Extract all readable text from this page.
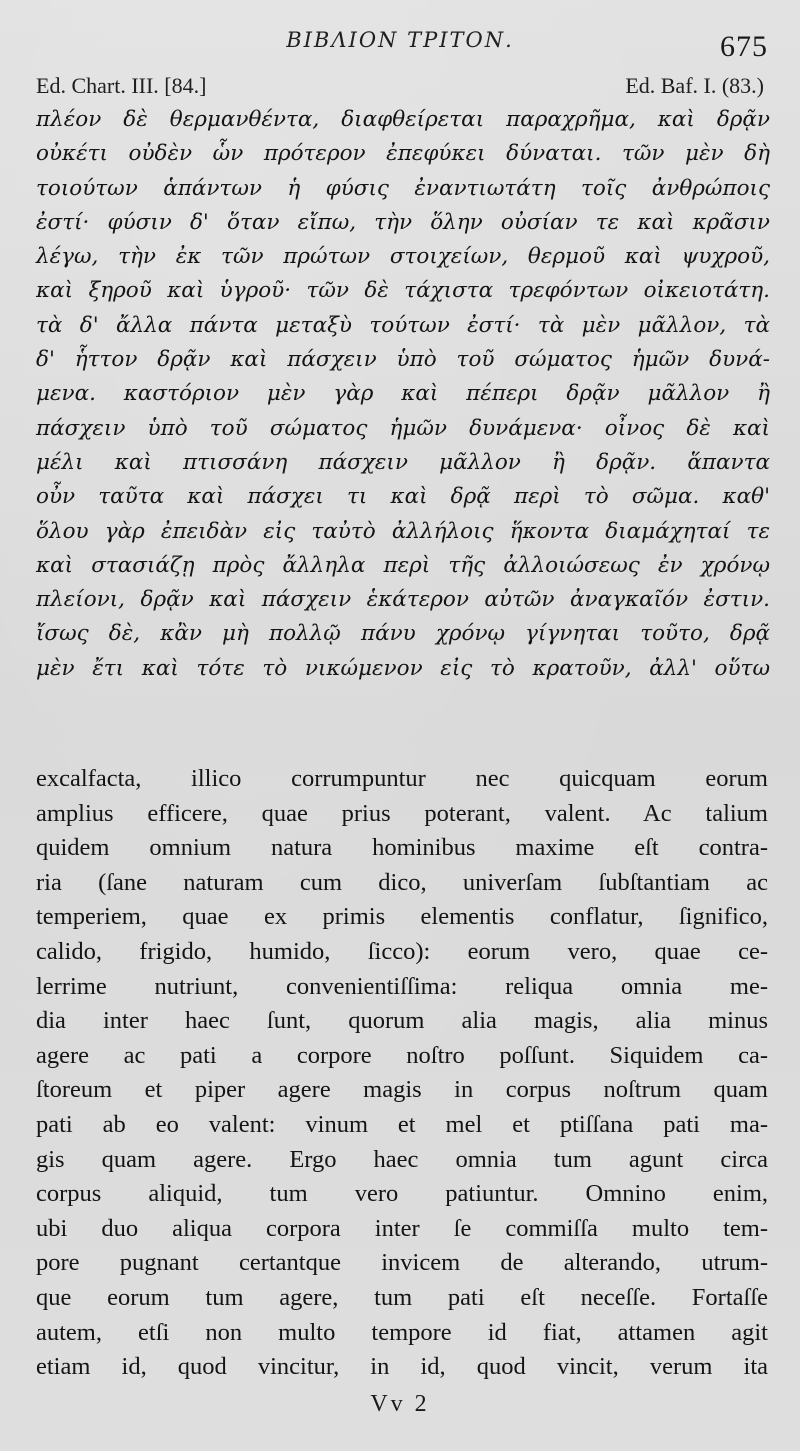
BIBΛΙΟΝ ΤΡΙΤΟΝ.	675
Ed. Chart. III. [84.]	Ed. Baf. I. (83.)
πλέον δὲ θερμανθέντα, διαφθείρεται παραχρῆμα, καὶ δρᾷν
οὐκέτι οὐδὲν ὧν πρότερον ἐπεφύκει δύναται. τῶν μὲν δὴ
τοιούτων ἁπάντων ἡ φύσις ἐναντιωτάτη τοῖς ἀνθρώποις
ἐστί· φύσιν δ' ὅταν εἴπω, τὴν ὅλην οὐσίαν τε καὶ κρᾶσιν
λέγω, τὴν ἐκ τῶν πρώτων στοιχείων, θερμοῦ καὶ ψυχροῦ,
καὶ ξηροῦ καὶ ὑγροῦ· τῶν δὲ τάχιστα τρεφόντων οἰκειοτάτη.
τὰ δ' ἄλλα πάντα μεταξὺ τούτων ἐστί· τὰ μὲν μᾶλλον, τὰ
δ' ἧττον δρᾷν καὶ πάσχειν ὑπὸ τοῦ σώματος ἡμῶν δυνά-
μενα. καστόριον μὲν γὰρ καὶ πέπερι δρᾷν μᾶλλον ἢ
πάσχειν ὑπὸ τοῦ σώματος ἡμῶν δυνάμενα· οἶνος δὲ καὶ
μέλι καὶ πτισσάνη πάσχειν μᾶλλον ἢ δρᾷν. ἅπαντα
οὖν ταῦτα καὶ πάσχει τι καὶ δρᾷ περὶ τὸ σῶμα. καθ'
ὅλου γὰρ ἐπειδὰν εἰς ταὐτὸ ἀλλήλοις ἥκοντα διαμάχηταί τε
καὶ στασιάζῃ πρὸς ἄλληλα περὶ τῆς ἀλλοιώσεως ἐν χρόνῳ
πλείονι, δρᾷν καὶ πάσχειν ἑκάτερον αὐτῶν ἀναγκαῖόν ἐστιν.
ἴσως δὲ, κἂν μὴ πολλῷ πάνυ χρόνῳ γίγνηται τοῦτο, δρᾷ
μὲν ἔτι καὶ τότε τὸ νικώμενον εἰς τὸ κρατοῦν, ἀλλ' οὕτω
excalfacta, illico corrumpuntur nec quicquam eorum
amplius efficere, quae prius poterant, valent. Ac talium
quidem omnium natura hominibus maxime eſt contra-
ria (ſane naturam cum dico, univerſam ſubſtantiam ac
temperiem, quae ex primis elementis conflatur, ſignifico,
calido, frigido, humido, ſicco): eorum vero, quae ce-
lerrime nutriunt, convenientiſſima: reliqua omnia me-
dia inter haec ſunt, quorum alia magis, alia minus
agere ac pati a corpore noſtro poſſunt. Siquidem ca-
ſtoreum et piper agere magis in corpus noſtrum quam
pati ab eo valent: vinum et mel et ptiſſana pati ma-
gis quam agere. Ergo haec omnia tum agunt circa
corpus aliquid, tum vero patiuntur. Omnino enim,
ubi duo aliqua corpora inter ſe commiſſa multo tem-
pore pugnant certantque invicem de alterando, utrum-
que eorum tum agere, tum pati eſt neceſſe. Fortaſſe
autem, etſi non multo tempore id fiat, attamen agit
etiam id, quod vincitur, in id, quod vincit, verum ita
Vv 2
